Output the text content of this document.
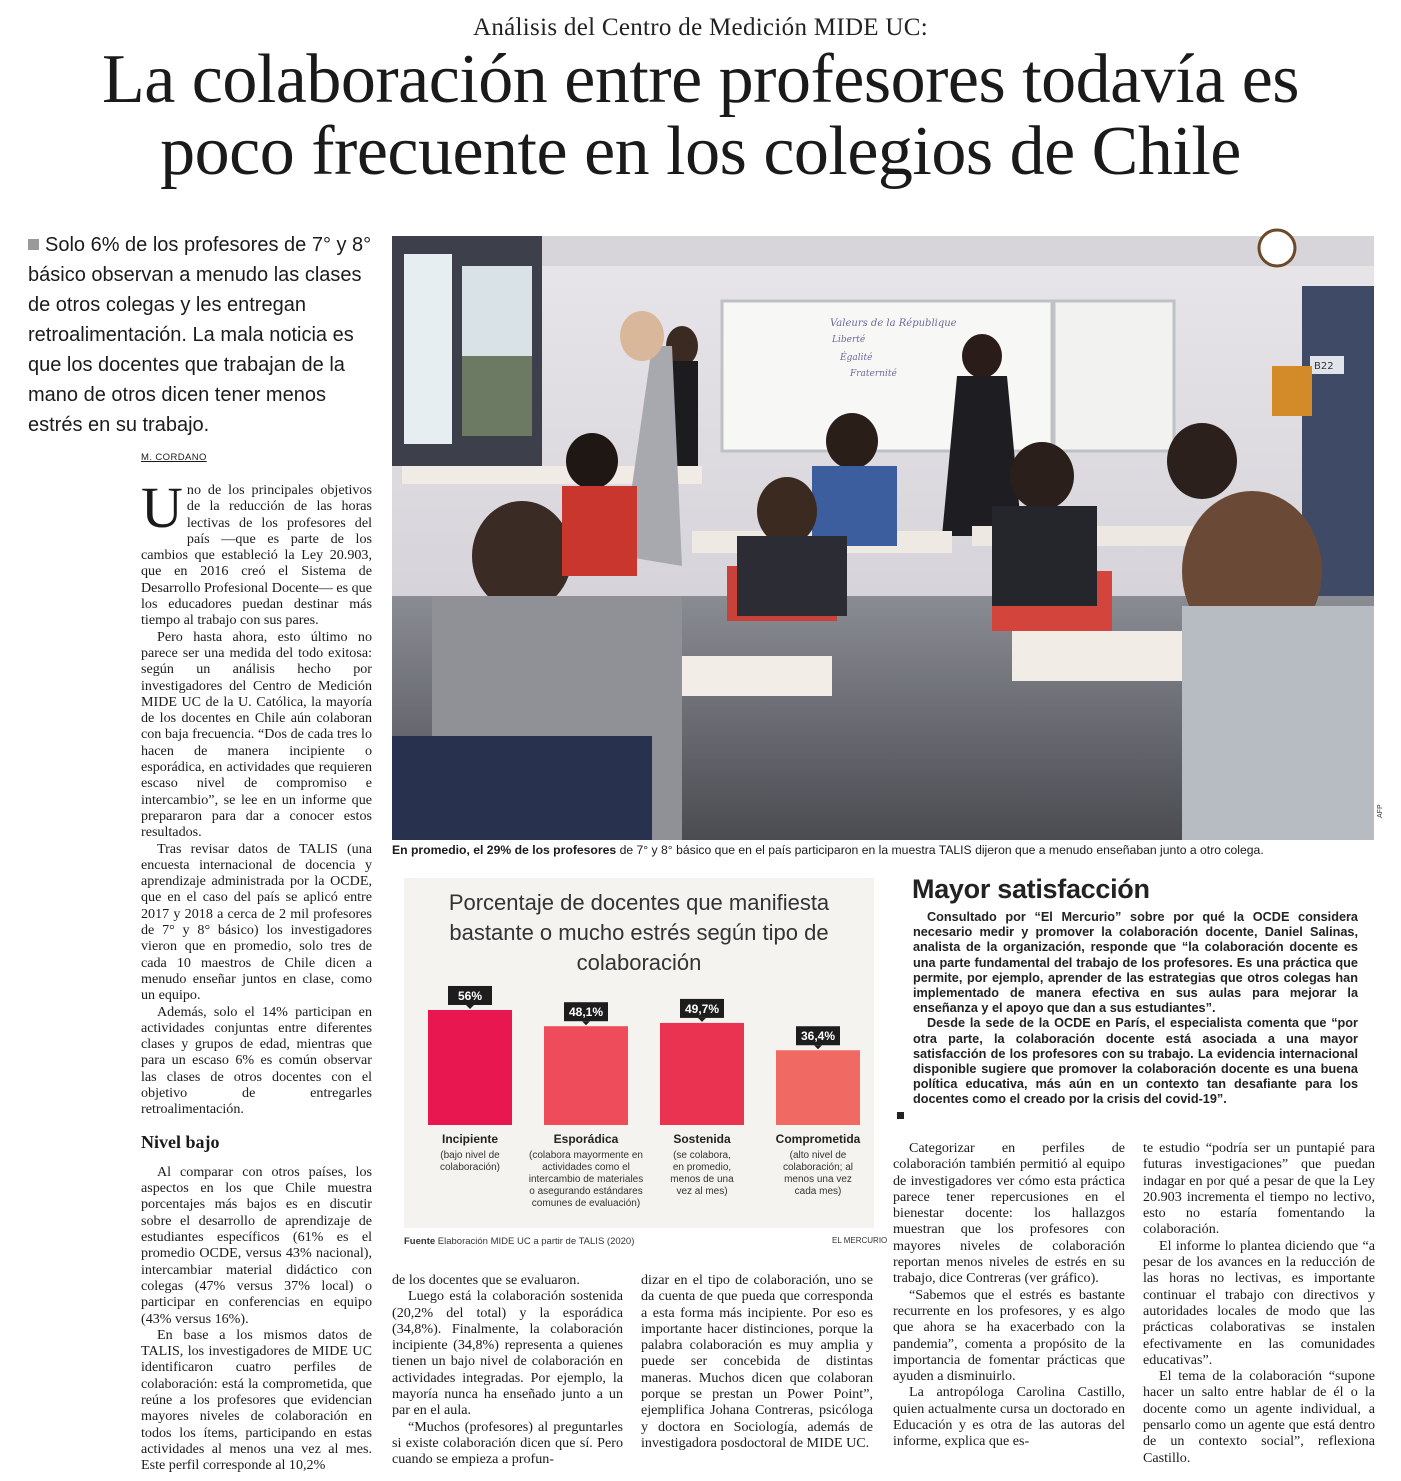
Análisis del Centro de Medición MIDE UC:
La colaboración entre profesores todavía es
poco frecuente en los colegios de Chile
Solo 6% de los profesores de 7° y 8° básico observan a menudo las clases de otros colegas y les entregan retroalimentación. La mala noticia es que los docentes que trabajan de la mano de otros dicen tener menos estrés en su trabajo.
M. CORDANO

Uno de los principales objetivos de la reducción de las horas lectivas de los profesores del país —que es parte de los cambios que estableció la Ley 20.903, que en 2016 creó el Sistema de Desarrollo Profesional Docente— es que los educadores puedan destinar más tiempo al trabajo con sus pares.

Pero hasta ahora, esto último no parece ser una medida del todo exitosa: según un análisis hecho por investigadores del Centro de Medición MIDE UC de la U. Católica, la mayoría de los docentes en Chile aún colaboran con baja frecuencia. “Dos de cada tres lo hacen de manera incipiente o esporádica, en actividades que requieren escaso nivel de compromiso e intercambio”, se lee en un informe que prepararon para dar a conocer estos resultados.

Tras revisar datos de TALIS (una encuesta internacional de docencia y aprendizaje administrada por la OCDE, que en el caso del país se aplicó entre 2017 y 2018 a cerca de 2 mil profesores de 7° y 8° básico) los investigadores vieron que en promedio, solo tres de cada 10 maestros de Chile dicen a menudo enseñar juntos en clase, como un equipo.

Además, solo el 14% participan en actividades conjuntas entre diferentes clases y grupos de edad, mientras que para un escaso 6% es común observar las clases de otros docentes con el objetivo de entregarles retroalimentación.

Nivel bajo

Al comparar con otros países, los aspectos en los que Chile muestra porcentajes más bajos es en discutir sobre el desarrollo de aprendizaje de estudiantes específicos (61% es el promedio OCDE, versus 43% nacional), intercambiar material didáctico con colegas (47% versus 37% local) o participar en conferencias en equipo (43% versus 16%).

En base a los mismos datos de TALIS, los investigadores de MIDE UC identificaron cuatro perfiles de colaboración: está la comprometida, que reúne a los profesores que evidencian mayores niveles de colaboración en todos los ítems, participando en estas actividades al menos una vez al mes. Este perfil corresponde al 10,2%

Valeurs de la République
Liberté
Égalité
Fraternité
B22
AFP
En promedio, el 29% de los profesores de 7° y 8° básico que en el país participaron en la muestra TALIS dijeron que a menudo enseñaban junto a otro colega.
Porcentaje de docentes que manifiesta
bastante o mucho estrés según tipo de
colaboración
56%
48,1%	49,7%
36,4%
Incipiente
(bajo nivel de
colaboración)
Esporádica
(colabora mayormente en
actividades como el
intercambio de materiales
o asegurando estándares
comunes de evaluación)
Sostenida
(se colabora,
en promedio,
menos de una
vez al mes)
Comprometida
(alto nivel de
colaboración; al
menos una vez
cada mes)
Fuente Elaboración MIDE UC a partir de TALIS (2020)	EL MERCURIO
Mayor satisfacción

Consultado por “El Mercurio” sobre por qué la OCDE considera necesario medir y promover la colaboración docente, Daniel Salinas, analista de la organización, responde que “la colaboración docente es una parte fundamental del trabajo de los profesores. Es una práctica que permite, por ejemplo, aprender de las estrategias que otros colegas han implementado de manera efectiva en sus aulas para mejorar la enseñanza y el apoyo que dan a sus estudiantes”.

Desde la sede de la OCDE en París, el especialista comenta que “por otra parte, la colaboración docente está asociada a una mayor satisfacción de los profesores con su trabajo. La evidencia internacional disponible sugiere que promover la colaboración docente es una buena política educativa, más aún en un contexto tan desafiante para los docentes como el creado por la crisis del covid-19”.

de los docentes que se evaluaron.

Luego está la colaboración sostenida (20,2% del total) y la esporádica (34,8%). Finalmente, la colaboración incipiente (34,8%) representa a quienes tienen un bajo nivel de colaboración en actividades integradas. Por ejemplo, la mayoría nunca ha enseñado junto a un par en el aula.

“Muchos (profesores) al preguntarles si existe colaboración dicen que sí. Pero cuando se empieza a profun-

dizar en el tipo de colaboración, uno se da cuenta de que pueda que corresponda a esta forma más incipiente. Por eso es importante hacer distinciones, porque la palabra colaboración es muy amplia y puede ser concebida de distintas maneras. Muchos dicen que colaboran porque se prestan un Power Point”, ejemplifica Johana Contreras, psicóloga y doctora en Sociología, además de investigadora posdoctoral de MIDE UC.

Categorizar en perfiles de colaboración también permitió al equipo de investigadores ver cómo esta práctica parece tener repercusiones en el bienestar docente: los hallazgos muestran que los profesores con mayores niveles de colaboración reportan menos niveles de estrés en su trabajo, dice Contreras (ver gráfico).

“Sabemos que el estrés es bastante recurrente en los profesores, y es algo que ahora se ha exacerbado con la pandemia”, comenta a propósito de la importancia de fomentar prácticas que ayuden a disminuirlo.

La antropóloga Carolina Castillo, quien actualmente cursa un doctorado en Educación y es otra de las autoras del informe, explica que es-

te estudio “podría ser un puntapié para futuras investigaciones” que puedan indagar en por qué a pesar de que la Ley 20.903 incrementa el tiempo no lectivo, esto no estaría fomentando la colaboración.

El informe lo plantea diciendo que “a pesar de los avances en la reducción de las horas no lectivas, es importante continuar el trabajo con directivos y autoridades locales de modo que las prácticas colaborativas se instalen efectivamente en las comunidades educativas”.

El tema de la colaboración “supone hacer un salto entre hablar de él o la docente como un agente individual, a pensarlo como un agente que está dentro de un contexto social”, reflexiona Castillo.
